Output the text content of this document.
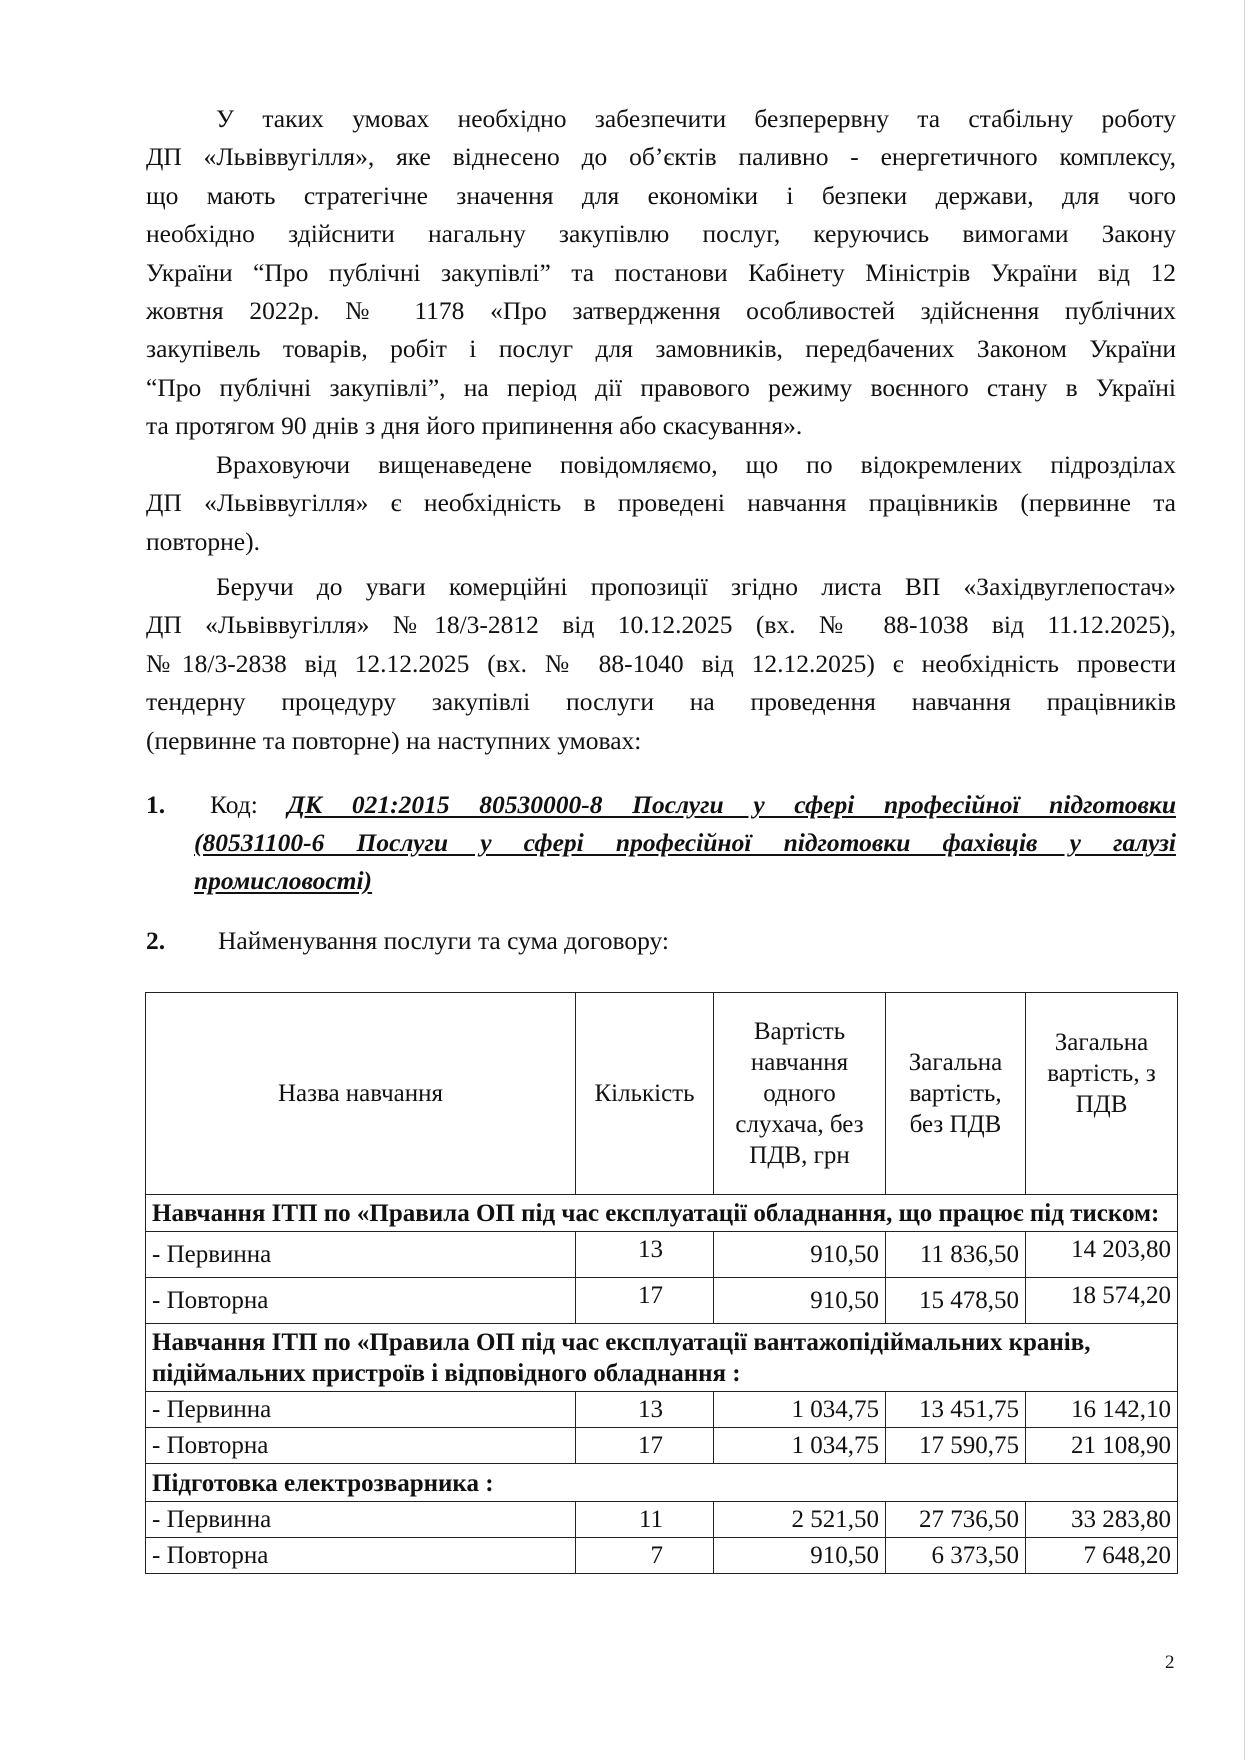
У таких умовах необхідно забезпечити безперервну та стабільну роботу
ДП «Львіввугілля», яке віднесено до об’єктів паливно - енергетичного комплексу,
що мають стратегічне значення для економіки і безпеки держави, для чого
необхідно здійснити нагальну закупівлю послуг, керуючись вимогами Закону
України “Про публічні закупівлі” та постанови Кабінету Міністрів України від 12
жовтня 2022р. № 1178 «Про затвердження особливостей здійснення публічних
закупівель товарів, робіт і послуг для замовників, передбачених Законом України
“Про публічні закупівлі”, на період дії правового режиму воєнного стану в Україні
та протягом 90 днів з дня його припинення або скасування».
Враховуючи вищенаведене повідомляємо, що по відокремлених підрозділах
ДП «Львіввугілля» є необхідність в проведені навчання працівників (первинне та
повторне).
Беручи до уваги комерційні пропозиції згідно листа ВП «Західвуглепостач»
ДП «Львіввугілля» №18/3-2812 від 10.12.2025 (вх. № 88-1038 від 11.12.2025),
№18/3-2838 від 12.12.2025 (вх. № 88-1040 від 12.12.2025) є необхідність провести
тендерну процедуру закупівлі послуги на проведення навчання працівників
(первинне та повторне) на наступних умовах:
1. Код: ДК 021:2015 80530000-8 Послуги у сфері професійної підготовки
(80531100-6 Послуги у сфері професійної підготовки фахівців у галузі
промисловості)
2. Найменування послуги та сума договору:
Назва навчання	Кількість	Вартість навчання одного слухача, без ПДВ, грн	Загальна вартість, без ПДВ	Загальна вартість, з ПДВ
Навчання ІТП по «Правила ОП під час експлуатації обладнання, що працює під тиском:				
- Первинна	13	910,50	11 836,50	14 203,80
- Повторна	17	910,50	15 478,50	18 574,20
Навчання ІТП по «Правила ОП під час експлуатації вантажопідіймальних кранів, підіймальних пристроїв і відповідного обладнання :				
- Первинна	13	1 034,75	13 451,75	16 142,10
- Повторна	17	1 034,75	17 590,75	21 108,90
Підготовка електрозварника :				
- Первинна	11	2 521,50	27 736,50	33 283,80
- Повторна	7	910,50	6 373,50	7 648,20
2
